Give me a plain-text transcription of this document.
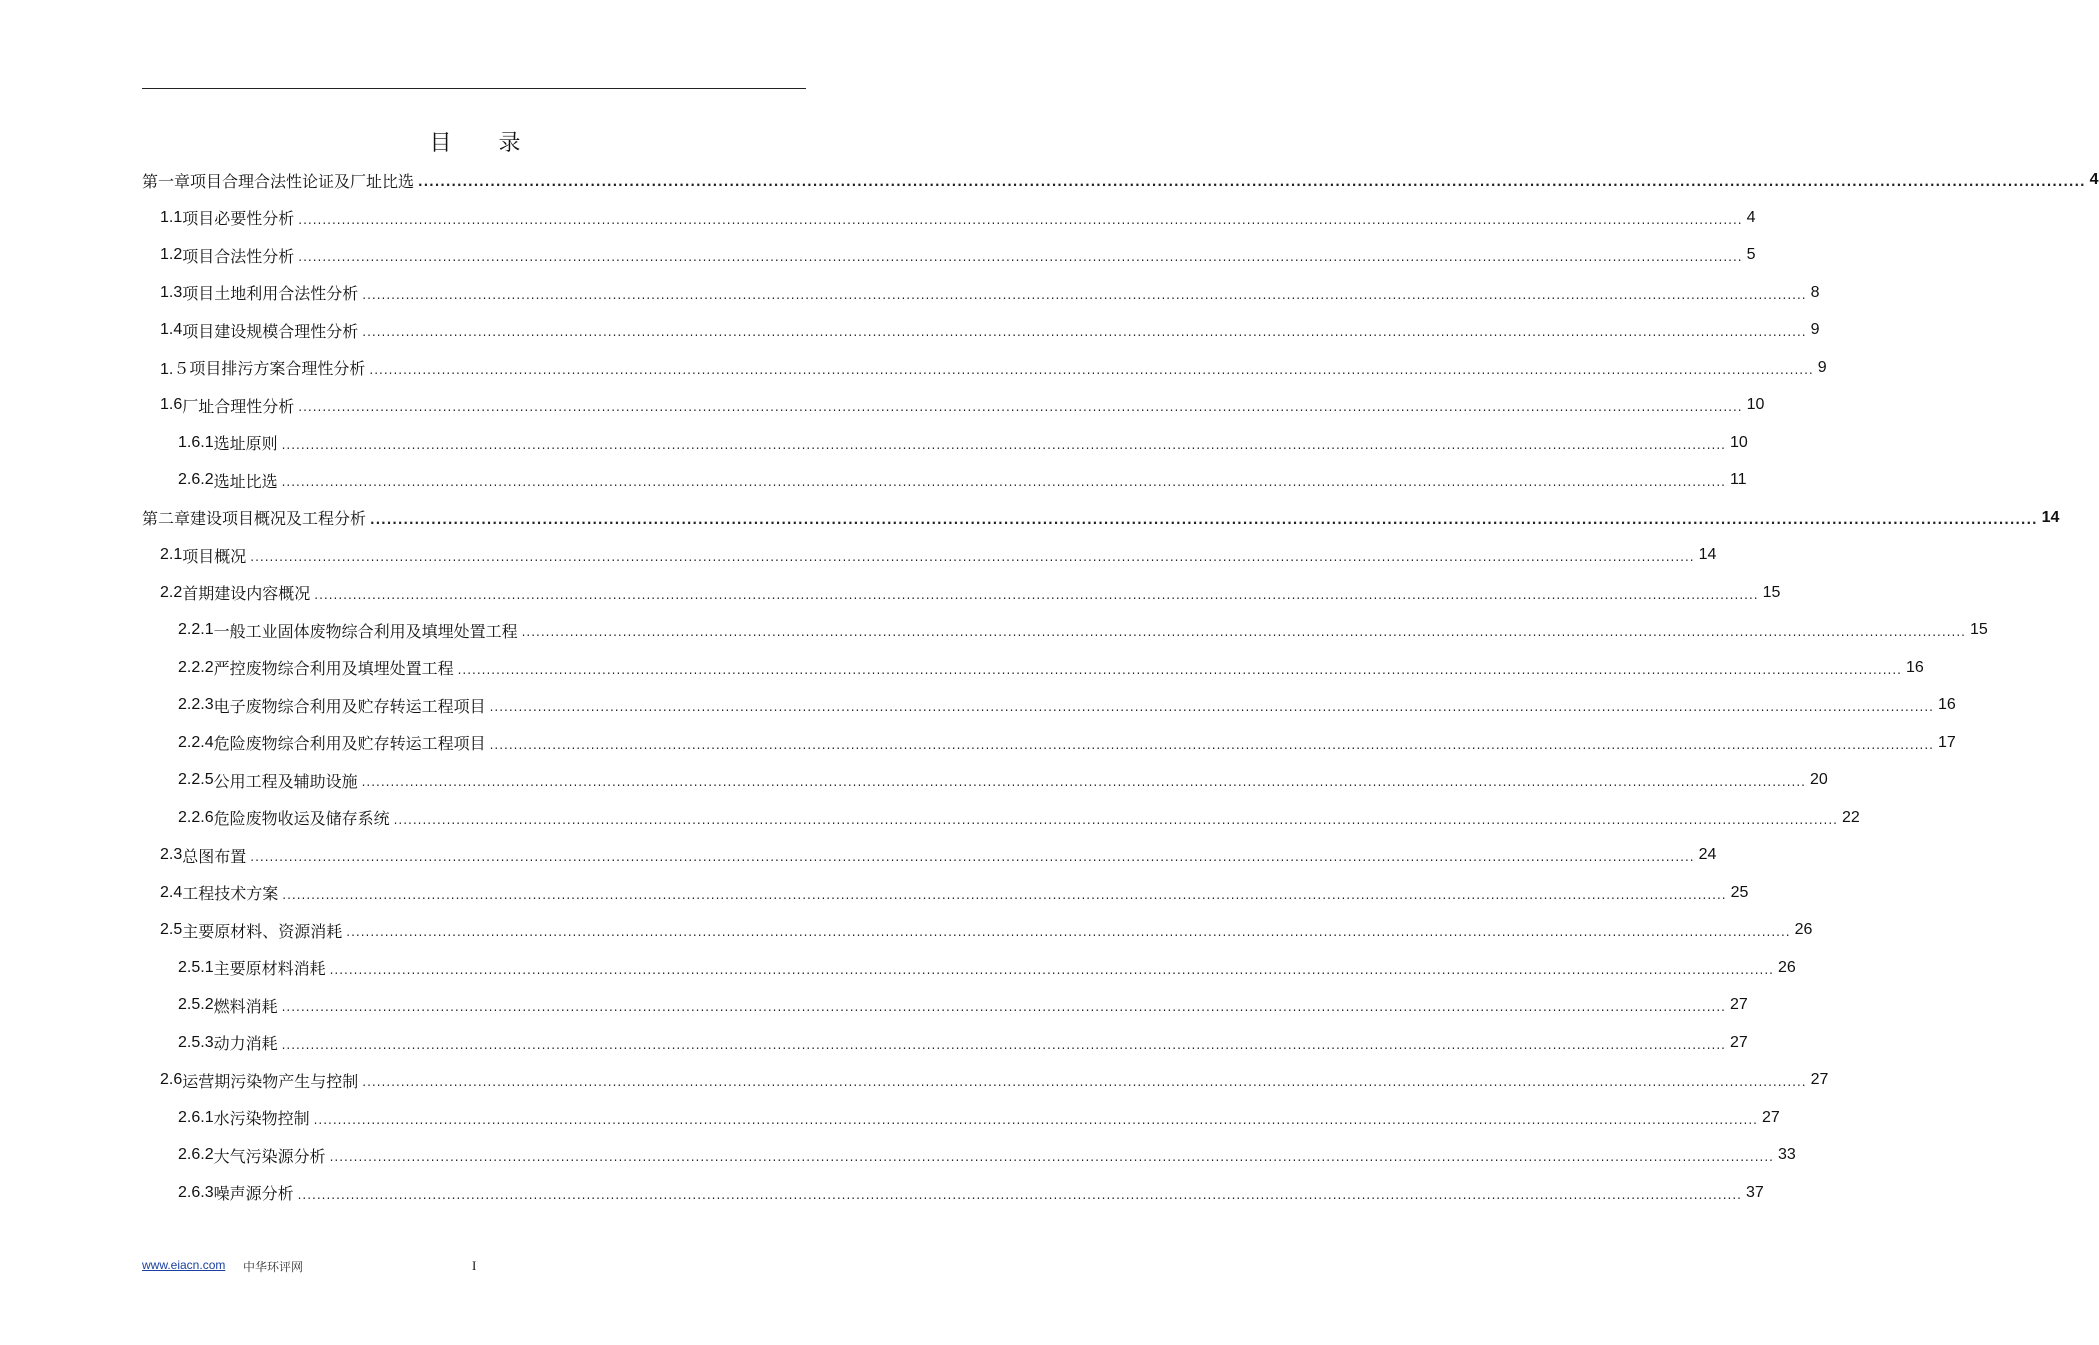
目 录
第一章 项目合理合法性论证及厂址比选 ............................................................................................................................................................................................................................................................................................................ 4
1.1 项目必要性分析 ............................................................................................................................................................................................................................................................................................................ 4
1.2 项目合法性分析 ............................................................................................................................................................................................................................................................................................................ 5
1.3 项目土地利用合法性分析 ............................................................................................................................................................................................................................................................................................................ 8
1.4 项目建设规模合理性分析 ............................................................................................................................................................................................................................................................................................................ 9
1.５ 项目排污方案合理性分析 ............................................................................................................................................................................................................................................................................................................ 9
1.6 厂址合理性分析 ............................................................................................................................................................................................................................................................................................................ 10
1.6.1 选址原则 ............................................................................................................................................................................................................................................................................................................ 10
2.6.2 选址比选 ............................................................................................................................................................................................................................................................................................................ 11
第二章 建设项目概况及工程分析 ............................................................................................................................................................................................................................................................................................................ 14
2.1 项目概况 ............................................................................................................................................................................................................................................................................................................ 14
2.2 首期建设内容概况 ............................................................................................................................................................................................................................................................................................................ 15
2.2.1 一般工业固体废物综合利用及填埋处置工程 ............................................................................................................................................................................................................................................................................................................ 15
2.2.2 严控废物综合利用及填埋处置工程 ............................................................................................................................................................................................................................................................................................................ 16
2.2.3 电子废物综合利用及贮存转运工程项目 ............................................................................................................................................................................................................................................................................................................ 16
2.2.4 危险废物综合利用及贮存转运工程项目 ............................................................................................................................................................................................................................................................................................................ 17
2.2.5 公用工程及辅助设施 ............................................................................................................................................................................................................................................................................................................ 20
2.2.6 危险废物收运及储存系统 ............................................................................................................................................................................................................................................................................................................ 22
2.3 总图布置 ............................................................................................................................................................................................................................................................................................................ 24
2.4 工程技术方案 ............................................................................................................................................................................................................................................................................................................ 25
2.5 主要原材料、资源消耗 ............................................................................................................................................................................................................................................................................................................ 26
2.5.1 主要原材料消耗 ............................................................................................................................................................................................................................................................................................................ 26
2.5.2 燃料消耗 ............................................................................................................................................................................................................................................................................................................ 27
2.5.3 动力消耗 ............................................................................................................................................................................................................................................................................................................ 27
2.6 运营期污染物产生与控制 ............................................................................................................................................................................................................................................................................................................ 27
2.6.1 水污染物控制 ............................................................................................................................................................................................................................................................................................................ 27
2.6.2 大气污染源分析 ............................................................................................................................................................................................................................................................................................................ 33
2.6.3 噪声源分析 ............................................................................................................................................................................................................................................................................................................ 37
www.eiacn.com 中华环评网	I
